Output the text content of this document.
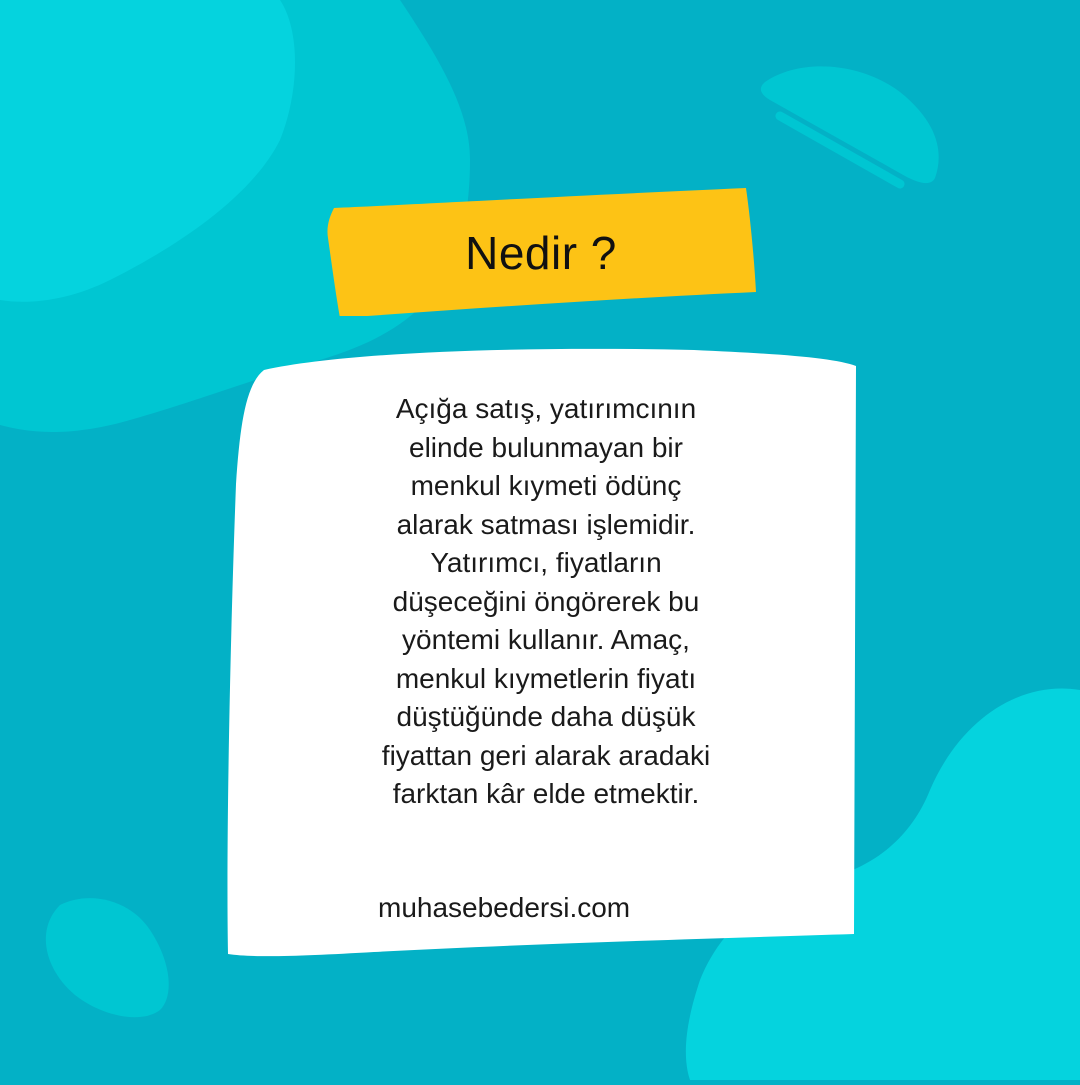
Nedir ?
Açığa satış, yatırımcının
elinde bulunmayan bir
menkul kıymeti ödünç
alarak satması işlemidir.
Yatırımcı, fiyatların
düşeceğini öngörerek bu
yöntemi kullanır. Amaç,
menkul kıymetlerin fiyatı
düştüğünde daha düşük
fiyattan geri alarak aradaki
farktan kâr elde etmektir.
muhasebedersi.com
